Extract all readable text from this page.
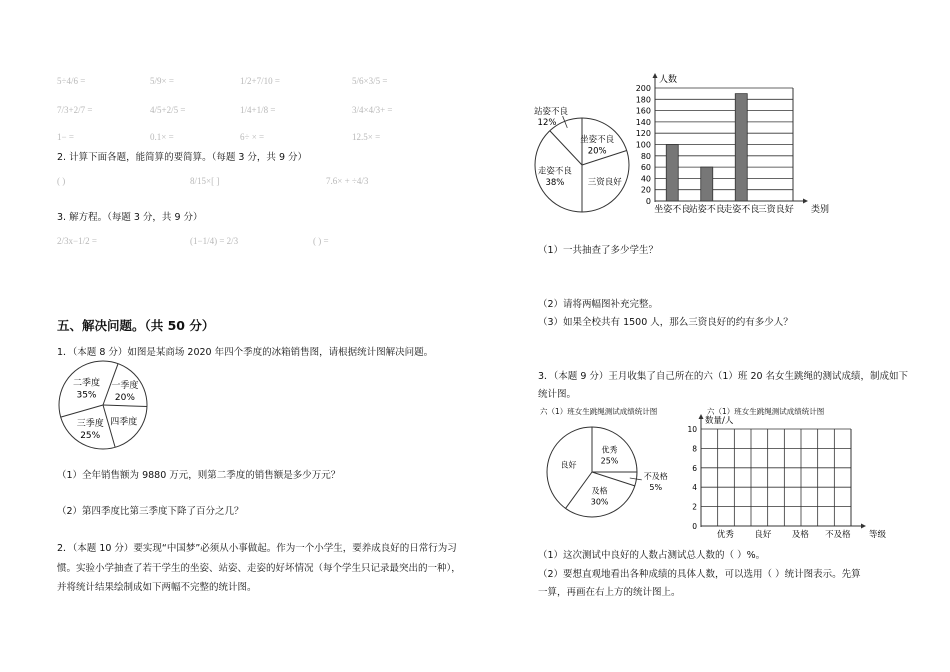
5÷4/6 =	5/9× =	1/2+7/10 =	5/6×3/5 =
7/3+2/7 =	4/5+2/5 =	1/4+1/8 =	3/4×4/3+ =
1− =	0.1× =	6÷ × =	12.5× =
2. 计算下面各题，能简算的要简算。（每题 3 分，共 9 分）
( )	8/15×[ ]	7.6× + ÷4/3
3. 解方程。（每题 3 分，共 9 分）
2/3x−1/2 =	(1−1/4) = 2/3	( ) =
五、解决问题。（共 50 分）
1．（本题 8 分）如图是某商场 2020 年四个季度的冰箱销售图，请根据统计图解决问题。
一季度
20%
四季度
三季度
25%
二季度
35%
（1）全年销售额为 9880 万元，则第二季度的销售额是多少万元？
（2）第四季度比第三季度下降了百分之几？
2．（本题 10 分）要实现“中国梦”必须从小事做起。作为一个小学生，要养成良好的日常行为习
惯。实验小学抽查了若干学生的坐姿、站姿、走姿的好坏情况（每个学生只记录最突出的一种），
并将统计结果绘制成如下两幅不完整的统计图。
坐姿不良
20%
三资良好
走姿不良
38%
站姿不良
12%
0
20
40
60
80
100
120
140
160
180
200
人数
坐姿不良
站姿不良
走姿不良
三资良好 类别
（1）一共抽查了多少学生？
（2）请将两幅图补充完整。
（3）如果全校共有 1500 人，那么三资良好的约有多少人？
3．（本题 9 分）王月收集了自己所在的六（1）班 20 名女生跳绳的测试成绩，制成如下
统计图。
六（1）班女生跳绳测试成绩统计图	六（1）班女生跳绳测试成绩统计图
优秀
25%
不及格
5%
及格
30%
良好
0
2
4
6
8
10
数量/人
优秀 良好 及格 不及格 等级
（1）这次测试中良好的人数占测试总人数的（ ）%。
（2）要想直观地看出各种成绩的具体人数，可以选用（ ）统计图表示。先算
一算，再画在右上方的统计图上。
